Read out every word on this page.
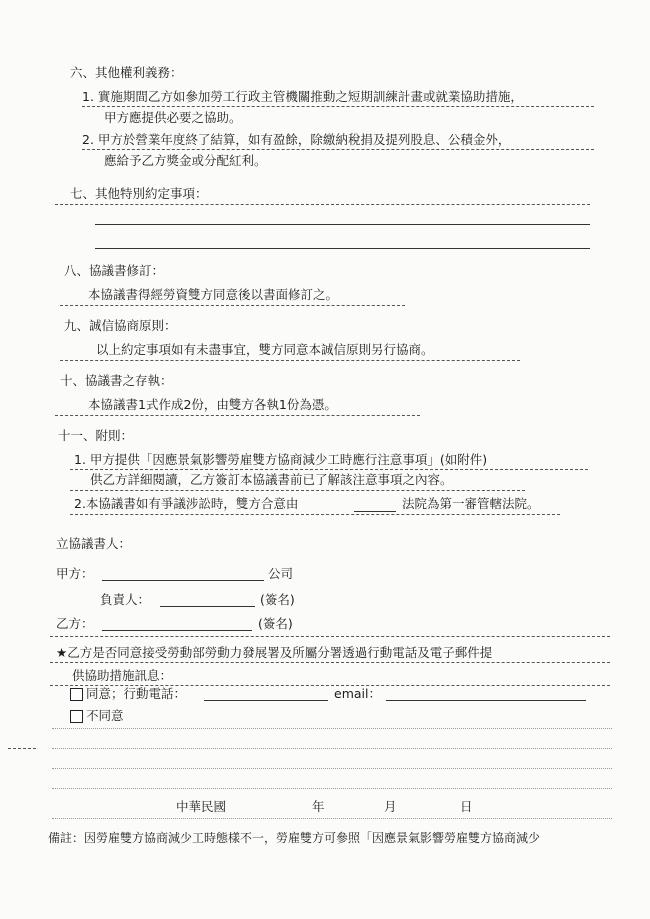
六、其他權利義務：
1. 實施期間乙方如參加勞工行政主管機關推動之短期訓練計畫或就業協助措施，
甲方應提供必要之協助。
2. 甲方於營業年度終了結算，如有盈餘，除繳納稅捐及提列股息、公積金外，
應給予乙方獎金或分配紅利。
七、其他特別約定事項：
八、協議書修訂：
本協議書得經勞資雙方同意後以書面修訂之。
九、誠信協商原則：
以上約定事項如有未盡事宜，雙方同意本誠信原則另行協商。
十、協議書之存執：
本協議書1式作成2份，由雙方各執1份為憑。
十一、附則：
1. 甲方提供「因應景氣影響勞雇雙方協商減少工時應行注意事項」(如附件)
供乙方詳細閱讀，乙方簽訂本協議書前已了解該注意事項之內容。
2.本協議書如有爭議涉訟時，雙方合意由	法院為第一審管轄法院。
立協議書人：
甲方：	公司
負責人：	(簽名)
乙方：	(簽名)
★乙方是否同意接受勞動部勞動力發展署及所屬分署透過行動電話及電子郵件提
供協助措施訊息：
同意；行動電話：	email：
不同意
中華民國	年	月	日
備註：因勞雇雙方協商減少工時態樣不一，勞雇雙方可參照「因應景氣影響勞雇雙方協商減少
